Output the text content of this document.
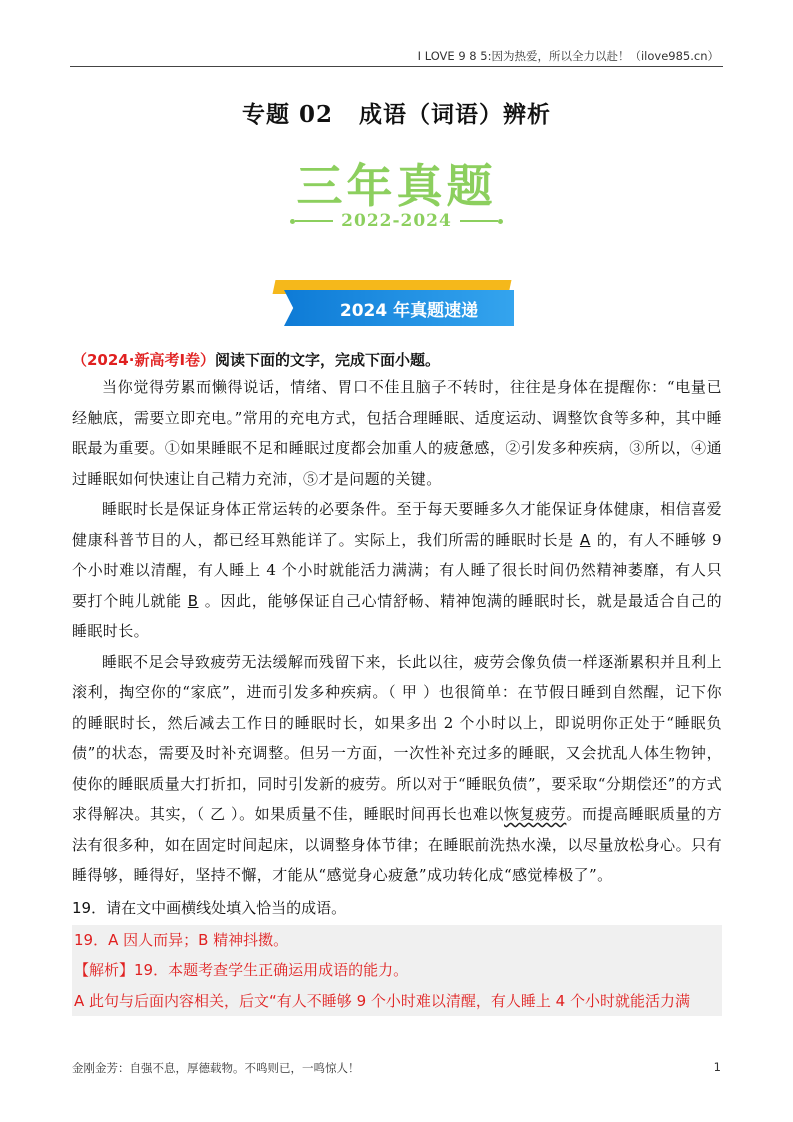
I LOVE 9 8 5:因为热爱，所以全力以赴！（ilove985.cn）
专题 02 成语（词语）辨析
三年真题
2022-2024
2024 年真题速递
（2024·新高考Ⅰ卷）阅读下面的文字，完成下面小题。

当你觉得劳累而懒得说话，情绪、胃口不佳且脑子不转时，往往是身体在提醒你：“电量已经触底，需要立即充电。”常用的充电方式，包括合理睡眠、适度运动、调整饮食等多种，其中睡眠最为重要。①如果睡眠不足和睡眠过度都会加重人的疲惫感，②引发多种疾病，③所以，④通过睡眠如何快速让自己精力充沛，⑤才是问题的关键。

睡眠时长是保证身体正常运转的必要条件。至于每天要睡多久才能保证身体健康，相信喜爱健康科普节目的人，都已经耳熟能详了。实际上，我们所需的睡眠时长是 A 的，有人不睡够 9 个小时难以清醒，有人睡上 4 个小时就能活力满满；有人睡了很长时间仍然精神萎靡，有人只要打个盹儿就能 B 。因此，能够保证自己心情舒畅、精神饱满的睡眠时长，就是最适合自己的睡眠时长。

睡眠不足会导致疲劳无法缓解而残留下来，长此以往，疲劳会像负债一样逐渐累积并且利上滚利，掏空你的“家底”，进而引发多种疾病。（ 甲 ）也很简单：在节假日睡到自然醒，记下你的睡眠时长，然后减去工作日的睡眠时长，如果多出 2 个小时以上，即说明你正处于“睡眠负债”的状态，需要及时补充调整。但另一方面，一次性补充过多的睡眠，又会扰乱人体生物钟，使你的睡眠质量大打折扣，同时引发新的疲劳。所以对于“睡眠负债”，要采取“分期偿还”的方式求得解决。其实，（ 乙 ）。如果质量不佳，睡眠时间再长也难以恢复疲劳。而提高睡眠质量的方法有很多种，如在固定时间起床，以调整身体节律；在睡眠前洗热水澡，以尽量放松身心。只有睡得够，睡得好，坚持不懈，才能从“感觉身心疲惫”成功转化成“感觉棒极了”。

19．请在文中画横线处填入恰当的成语。
19．A 因人而异；B 精神抖擞。
【解析】19．本题考查学生正确运用成语的能力。
A 此句与后面内容相关，后文“有人不睡够 9 个小时难以清醒，有人睡上 4 个小时就能活力满
金刚金芳：自强不息，厚德载物。不鸣则已，一鸣惊人！	1
